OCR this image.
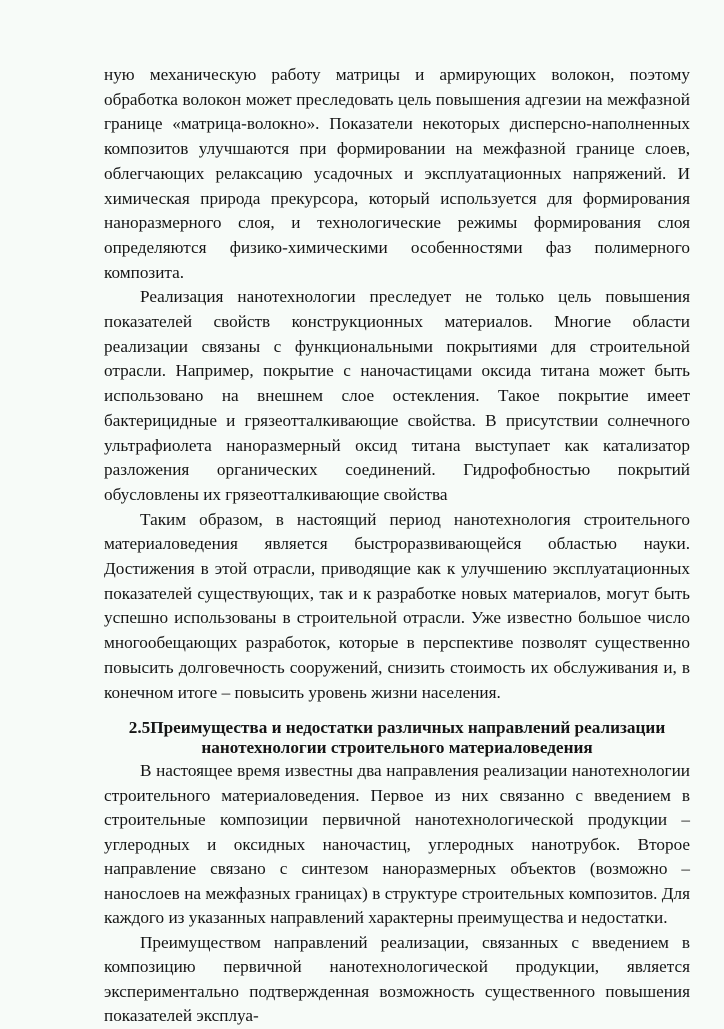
ную механическую работу матрицы и армирующих волокон, поэтому обработка волокон может преследовать цель повышения адгезии на межфазной границе «матрица-волокно». Показатели некоторых дисперсно-наполненных композитов улучшаются при формировании на межфазной границе слоев, облегчающих релаксацию усадочных и эксплуатационных напряжений. И химическая природа прекурсора, который используется для формирования наноразмерного слоя, и технологические режимы формирования слоя определяются физико-химическими особенностями фаз полимерного композита.

Реализация нанотехнологии преследует не только цель повышения показателей свойств конструкционных материалов. Многие области реализации связаны с функциональными покрытиями для строительной отрасли. Например, покрытие с наночастицами оксида титана может быть использовано на внешнем слое остекления. Такое покрытие имеет бактерицидные и грязеотталкивающие свойства. В присутствии солнечного ультрафиолета наноразмерный оксид титана выступает как катализатор разложения органических соединений. Гидрофобностью покрытий обусловлены их грязеотталкивающие свойства

Таким образом, в настоящий период нанотехнология строительного материаловедения является быстроразвивающейся областью науки. Достижения в этой отрасли, приводящие как к улучшению эксплуатационных показателей существующих, так и к разработке новых материалов, могут быть успешно использованы в строительной отрасли. Уже известно большое число многообещающих разработок, которые в перспективе позволят существенно повысить долговечность сооружений, снизить стоимость их обслуживания и, в конечном итоге – повысить уровень жизни населения.

2.5Преимущества и недостатки различных направлений реализации
нанотехнологии строительного материаловедения

В настоящее время известны два направления реализации нанотехнологии строительного материаловедения. Первое из них связанно с введением в строительные композиции первичной нанотехнологической продукции – углеродных и оксидных наночастиц, углеродных нанотрубок. Второе направление связано с синтезом наноразмерных объектов (возможно – нанослоев на межфазных границах) в структуре строительных композитов. Для каждого из указанных направлений характерны преимущества и недостатки.

Преимуществом направлений реализации, связанных с введением в композицию первичной нанотехнологической продукции, является экспериментально подтвержденная возможность существенного повышения показателей эксплуа-
